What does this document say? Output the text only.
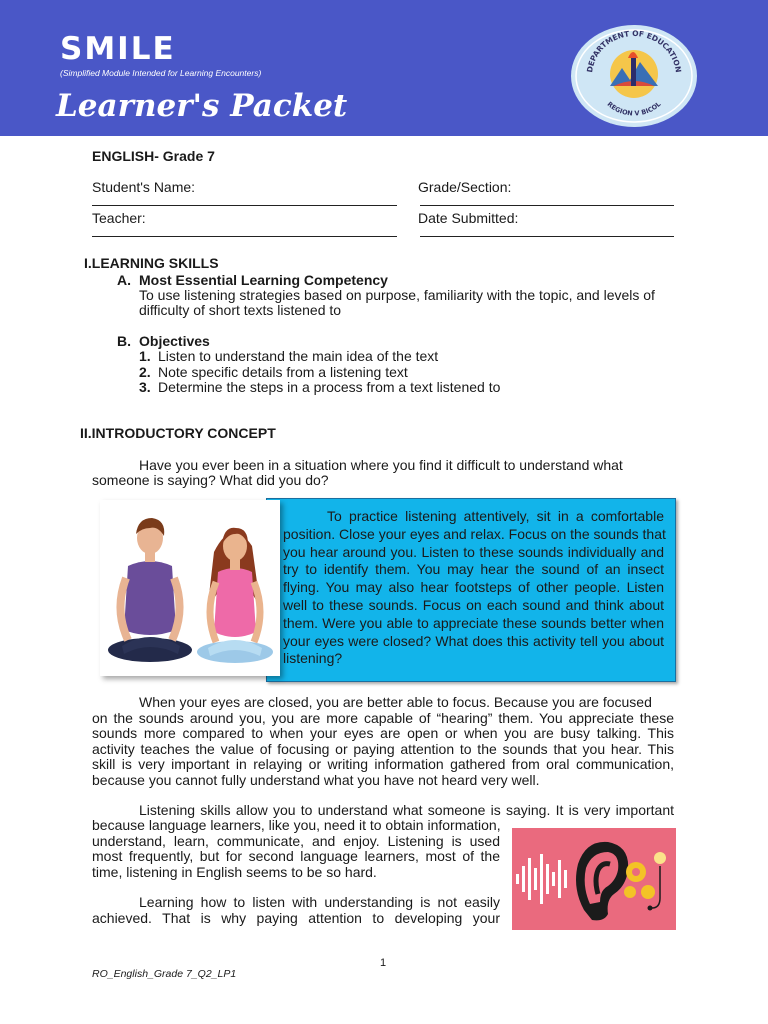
SMILE
(Simplified Module Intended for Learning Encounters)
Learner's Packet
DEPARTMENT OF EDUCATION
REGION V BICOL
ENGLISH- Grade 7
Student's Name:	Grade/Section:
Teacher:	Date Submitted:
I.LEARNING SKILLS
A. Most Essential Learning Competency
To use listening strategies based on purpose, familiarity with the topic, and levels of
difficulty of short texts listened to
B. Objectives
1. Listen to understand the main idea of the text
2. Note specific details from a listening text
3. Determine the steps in a process from a text listened to
II.INTRODUCTORY CONCEPT
Have you ever been in a situation where you find it difficult to understand what
someone is saying? What did you do?
To practice listening attentively, sit in a comfortable
position. Close your eyes and relax. Focus on the sounds that
you hear around you. Listen to these sounds individually and
try to identify them. You may hear the sound of an insect
flying. You may also hear footsteps of other people. Listen
well to these sounds. Focus on each sound and think about
them. Were you able to appreciate these sounds better when
your eyes were closed? What does this activity tell you about
listening?
When your eyes are closed, you are better able to focus. Because you are focused
on the sounds around you, you are more capable of “hearing” them. You appreciate these
sounds more compared to when your eyes are open or when you are busy talking. This
activity teaches the value of focusing or paying attention to the sounds that you hear. This
skill is very important in relaying or writing information gathered from oral communication,
because you cannot fully understand what you have not heard very well.
Listening skills allow you to understand what someone is saying. It is very important
because language learners, like you, need it to obtain information,
understand, learn, communicate, and enjoy. Listening is used
most frequently, but for second language learners, most of the
time, listening in English seems to be so hard.
Learning how to listen with understanding is not easily
achieved. That is why paying attention to developing your
1
RO_English_Grade 7_Q2_LP1
